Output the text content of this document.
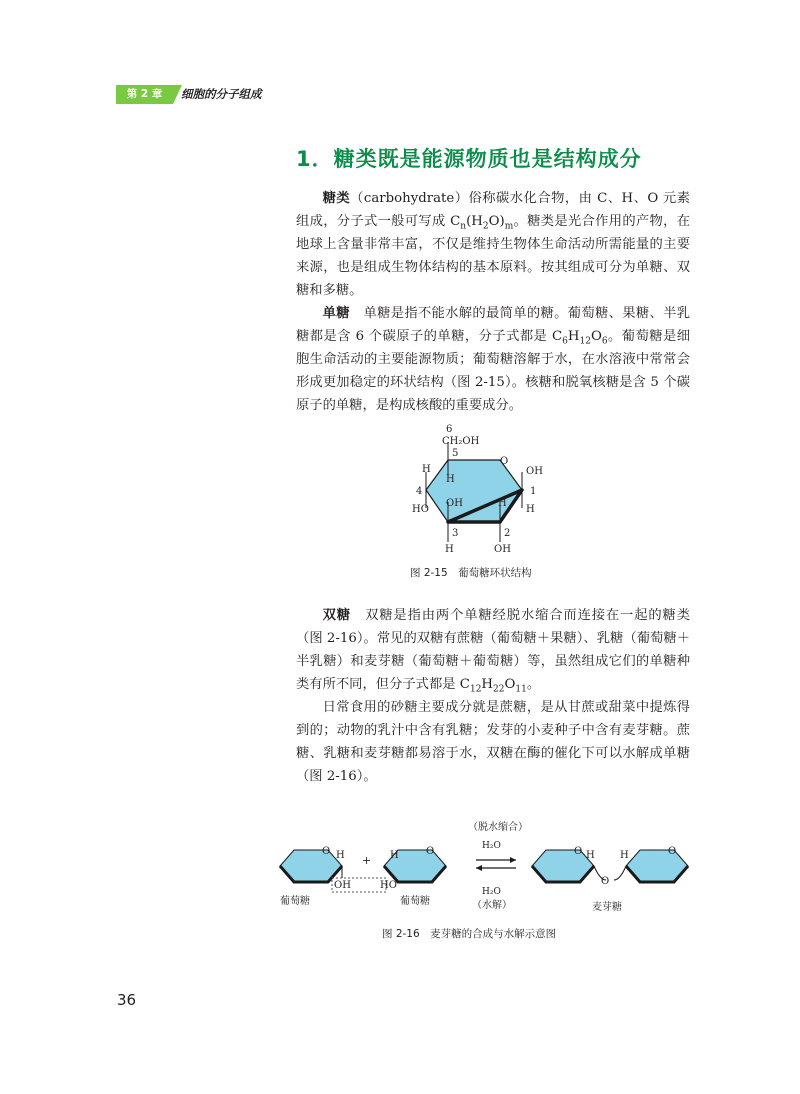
第 2 章	细胞的分子组成
1．糖类既是能源物质也是结构成分

糖类（carbohydrate）俗称碳水化合物，由 C、H、O 元素组成，分子式一般可写成 $C_n(H_2O)_m$。糖类是光合作用的产物，在地球上含量非常丰富，不仅是维持生物体生命活动所需能量的主要来源，也是组成生物体结构的基本原料。按其组成可分为单糖、双糖和多糖。

单糖　单糖是指不能水解的最简单的糖。葡萄糖、果糖、半乳糖都是含 6 个碳原子的单糖，分子式都是 $C_6H_{12}O_6$。葡萄糖是细胞生命活动的主要能源物质；葡萄糖溶解于水，在水溶液中常常会形成更加稳定的环状结构（图 2-15）。核糖和脱氧核糖是含 5 个碳原子的单糖，是构成核酸的重要成分。

6
CH₂OH
5
O
H
H
OH
4	1
OH	H
HO	H
3	2
H	OH
图 2-15　葡萄糖环状结构

双糖　双糖是指由两个单糖经脱水缩合而连接在一起的糖类（图 2-16）。常见的双糖有蔗糖（葡萄糖＋果糖）、乳糖（葡萄糖＋半乳糖）和麦芽糖（葡萄糖＋葡萄糖）等，虽然组成它们的单糖种类有所不同，但分子式都是 $C_{12}H_{22}O_{11}$。

日常食用的砂糖主要成分就是蔗糖，是从甘蔗或甜菜中提炼得到的；动物的乳汁中含有乳糖；发芽的小麦种子中含有麦芽糖。蔗糖、乳糖和麦芽糖都易溶于水，双糖在酶的催化下可以水解成单糖（图 2-16）。

O H
OH
+ H
HO
O
葡萄糖	葡萄糖
（脱水缩合）
H₂O
H₂O
（水解）
O H
O
H	O
麦芽糖
图 2-16　麦芽糖的合成与水解示意图
36
